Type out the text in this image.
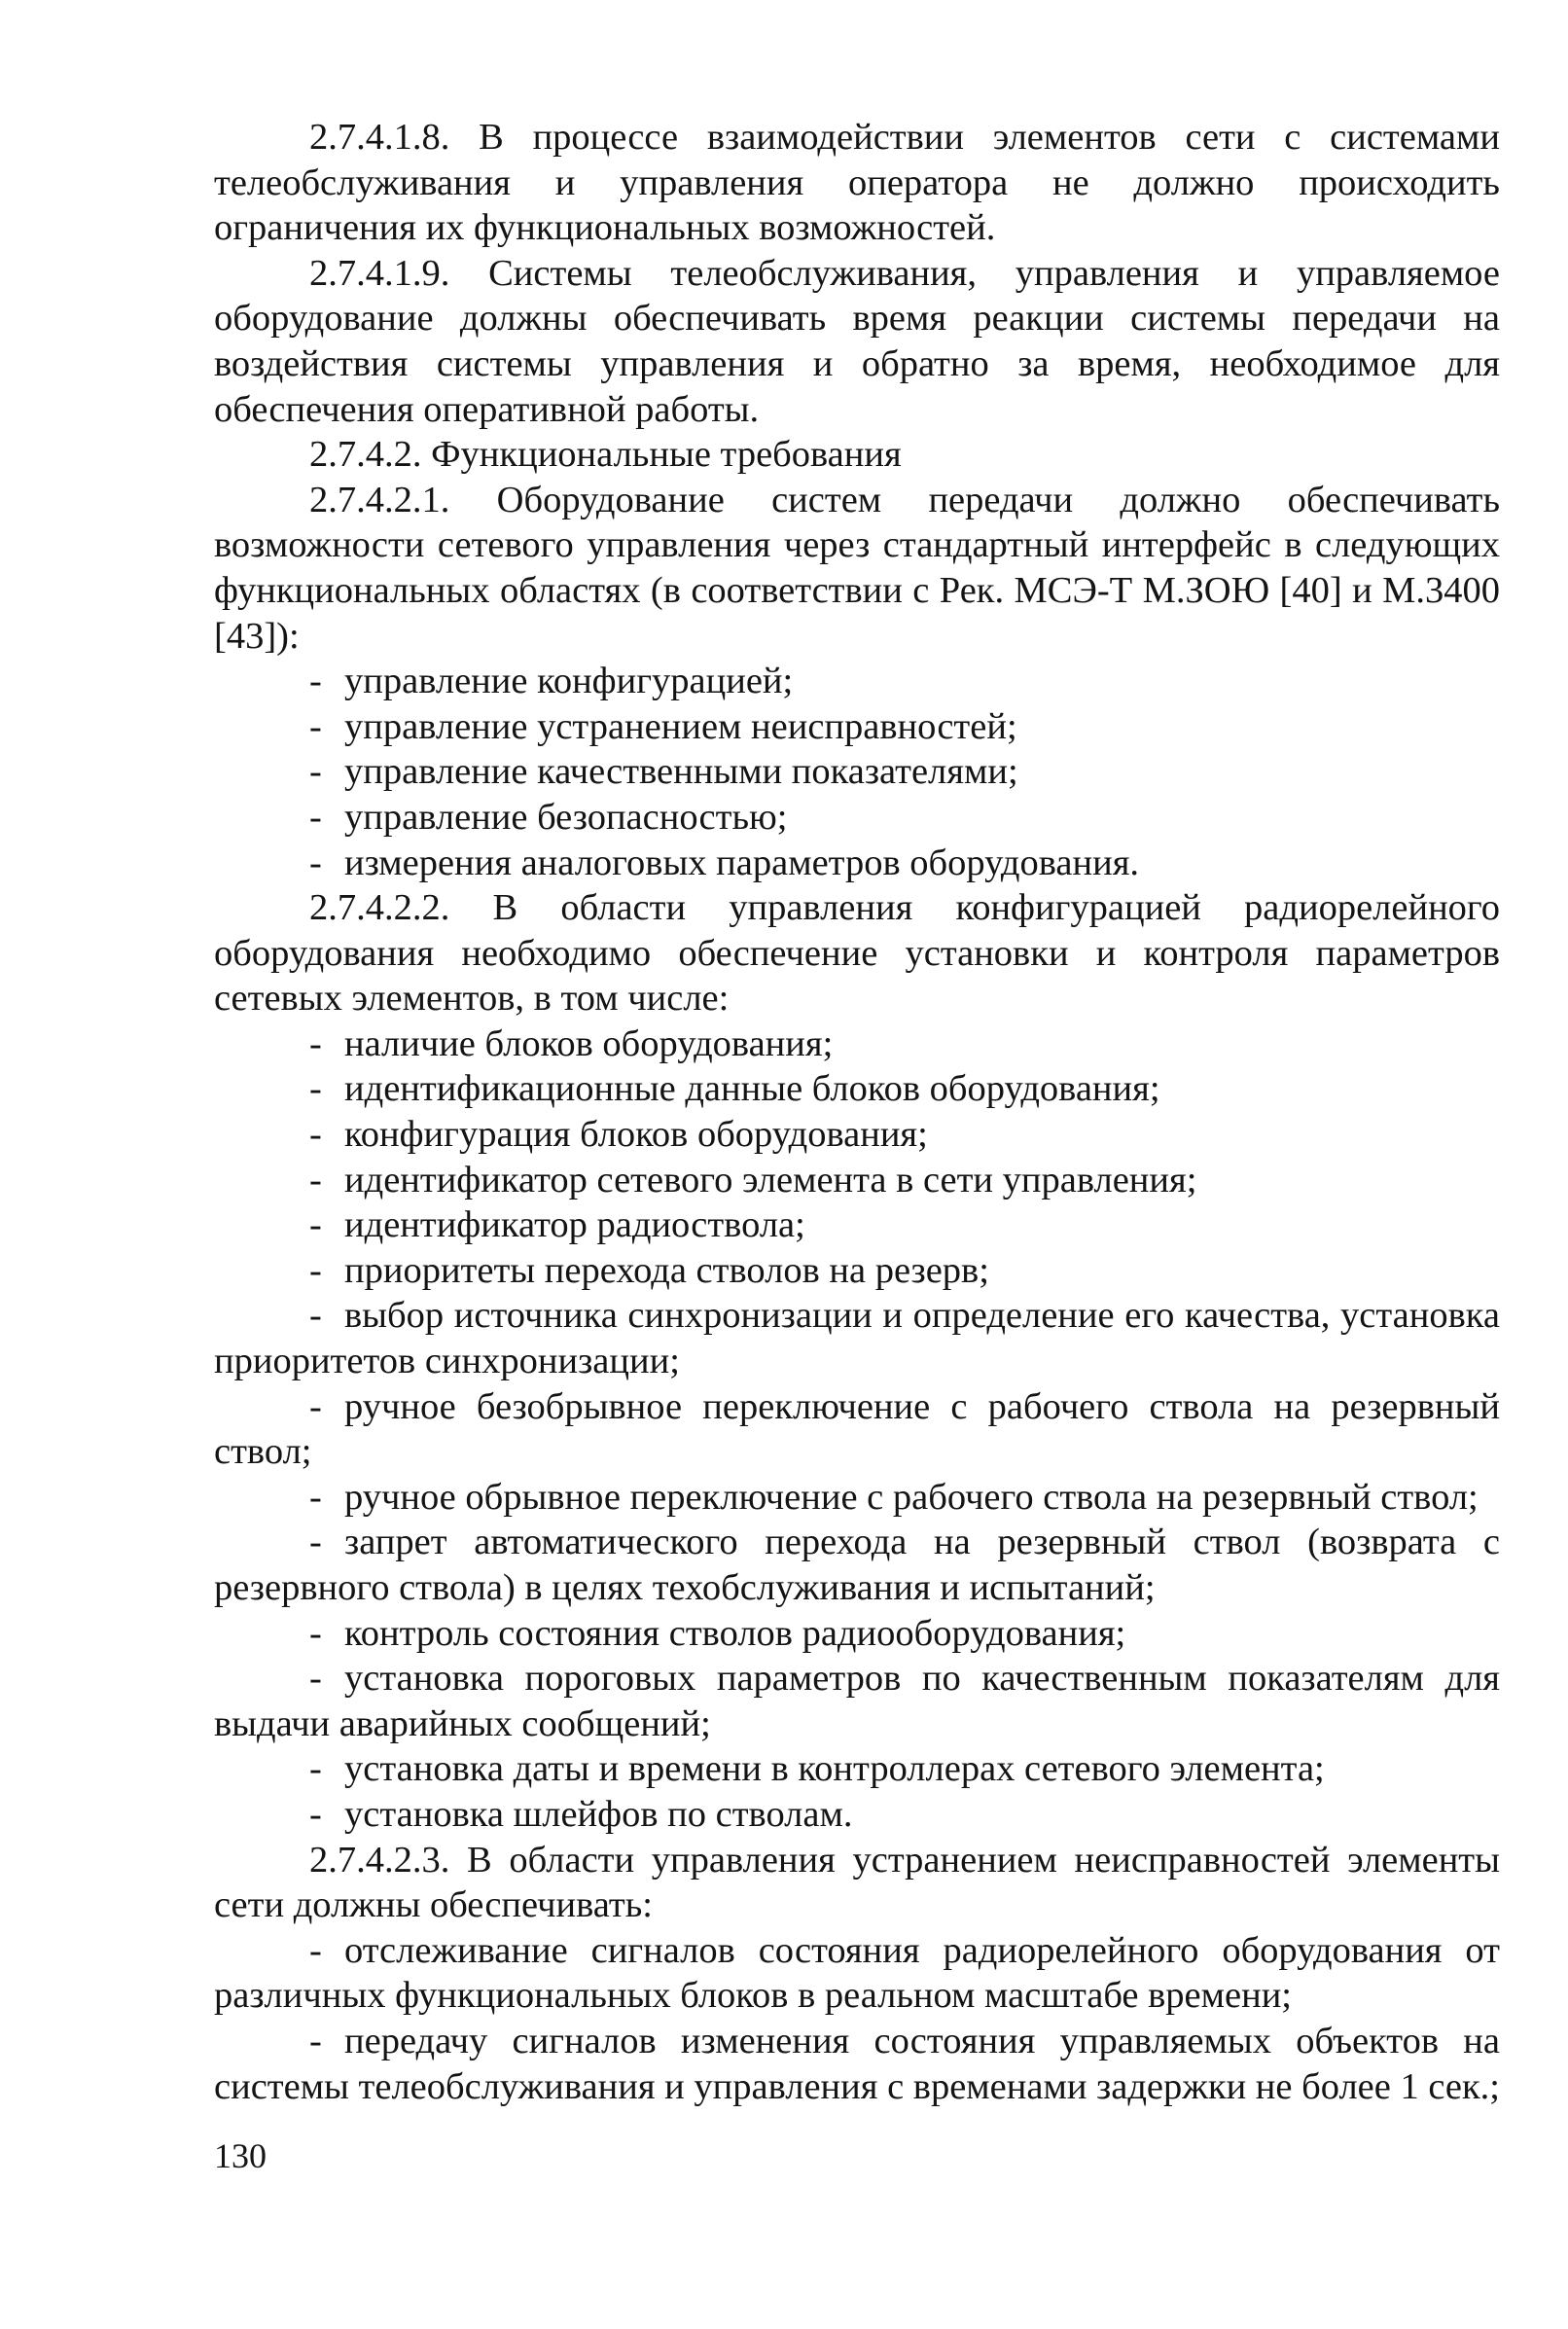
2.7.4.1.8. В процессе взаимодействии элементов сети с системами телеобслуживания и управления оператора не должно происходить ограничения их функциональных возможностей.

2.7.4.1.9. Системы телеобслуживания, управления и управляемое оборудование должны обеспечивать время реакции системы передачи на воздействия системы управления и обратно за время, необходимое для обеспечения оперативной работы.

2.7.4.2. Функциональные требования

2.7.4.2.1. Оборудование систем передачи должно обеспечивать возможности сетевого управления через стандартный интерфейс в следующих функциональных областях (в соответствии с Рек. МСЭ-Т М.ЗОЮ [40] и М.3400 [43]):

- управление конфигурацией;
- управление устранением неисправностей;
- управление качественными показателями;
- управление безопасностью;
- измерения аналоговых параметров оборудования.

2.7.4.2.2. В области управления конфигурацией радиорелейного оборудования необходимо обеспечение установки и контроля параметров сетевых элементов, в том числе:

- наличие блоков оборудования;
- идентификационные данные блоков оборудования;
- конфигурация блоков оборудования;
- идентификатор сетевого элемента в сети управления;
- идентификатор радиоствола;
- приоритеты перехода стволов на резерв;
- выбор источника синхронизации и определение его качества, установка приоритетов синхронизации;
- ручное безобрывное переключение с рабочего ствола на резервный ствол;
- ручное обрывное переключение с рабочего ствола на резервный ствол;
- запрет автоматического перехода на резервный ствол (возврата с резервного ствола) в целях техобслуживания и испытаний;
- контроль состояния стволов радиооборудования;
- установка пороговых параметров по качественным показателям для выдачи аварийных сообщений;
- установка даты и времени в контроллерах сетевого элемента;
- установка шлейфов по стволам.

2.7.4.2.3. В области управления устранением неисправностей элементы сети должны обеспечивать:

- отслеживание сигналов состояния радиорелейного оборудования от различных функциональных блоков в реальном масштабе времени;
- передачу сигналов изменения состояния управляемых объектов на системы телеобслуживания и управления с временами задержки не более 1 сек.;
130
